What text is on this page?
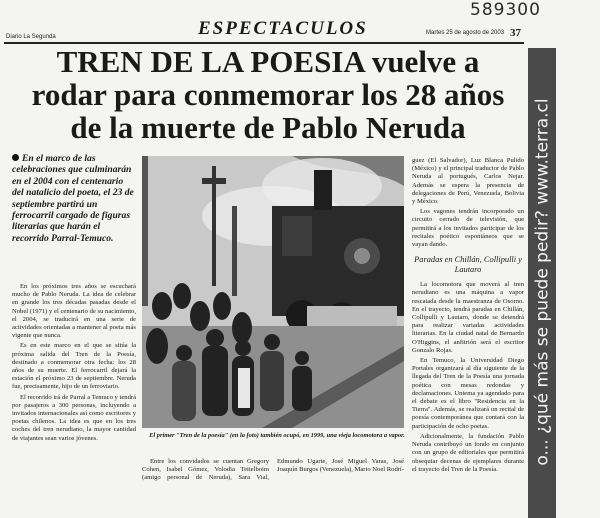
589300
Diario La Segunda	ESPECTACULOS	Martes 25 de agosto de 2003 37
TREN DE LA POESIA vuelve a
rodar para conmemorar los 28 años
de la muerte de Pablo Neruda
En el marco de las celebraciones que culminarán en el 2004 con el centenario del natalicio del poeta, el 23 de septiembre partirá un ferrocarril cargado de figuras literarias que harán el recorrido Parral-Temuco.

En los próximos tres años se escuchará mucho de Pablo Neruda. La idea de celebrar en grande los tres décadas pasadas desde el Nobel (1971) y el centenario de su nacimiento, el 2004, se traducirá en una serie de actividades orientadas a mantener al poeta más vigente que nunca.

Es en este marco en el que se sitúa la próxima salida del Tren de la Poesía, destinado a conmemorar otra fecha: los 28 años de su muerte. El ferrocarril dejará la estación el próximo 23 de septiembre. Neruda fue, precisamente, hijo de un ferroviario.

El recorrido irá de Parral a Temuco y tendrá por pasajeros a 300 personas, incluyendo a invitados internacionales así como escritores y poetas chilenos. La idea es que en los tres coches del tren nerudiano, la mayor cantidad de viajantes sean varios jóvenes.	El primer "Tren de la poesía" (en la foto) también ocupó, en 1999, una vieja locomotora a vapor.

Entre los convidados se cuentan Gregory Cohen, Isabel Gómez, Volodia Teitelboim (amigo personal de Neruda), Sara Vial, Edmundo Ugarte, José Miguel Varas, José Joaquín Burgos (Venezuela), Mario Noel Rodrí-

guez (El Salvador), Luz Blanca Pulido (México) y el principal traductor de Pablo Neruda al portugués, Carlos Nejar. Además se espera la presencia de delegaciones de Perú, Venezuela, Bolivia y México.

Los vagones tendrán incorporado un circuito cerrado de televisión, que permitirá a los invitados participar de los recitales poético espontáneos que se vayan dando.

Paradas en Chillán, Collipulli y Lautaro

La locomotora que moverá al tren nerudiano es una máquina a vapor rescatada desde la maestranza de Osorno. En el trayecto, tendrá paradas en Chillán, Collipulli y Lautaro, donde se detendrá para realizar variadas actividades literarias. En la ciudad natal de Bernardo O'Higgins, el anfitrión será el escritor Gonzalo Rojas.

En Temuco, la Universidad Diego Portales organizará al día siguiente de la llegada del Tren de la Poesía una jornada poética con mesas redondas y declamaciones. Untema ya agendado para el debate es el libro "Residencia en la Tierra". Además, se realizará un recital de poesía contemporánea que contará con la participación de ocho poetas.

Adicionalmente, la fundación Pablo Neruda contribuyó un fondo en conjunto con un grupo de editoriales que permitirá obsequiar decenas de ejemplares durante el trayecto del Tren de la Poesía.

o... ¿qué más se puede pedir? www.terra.cl
